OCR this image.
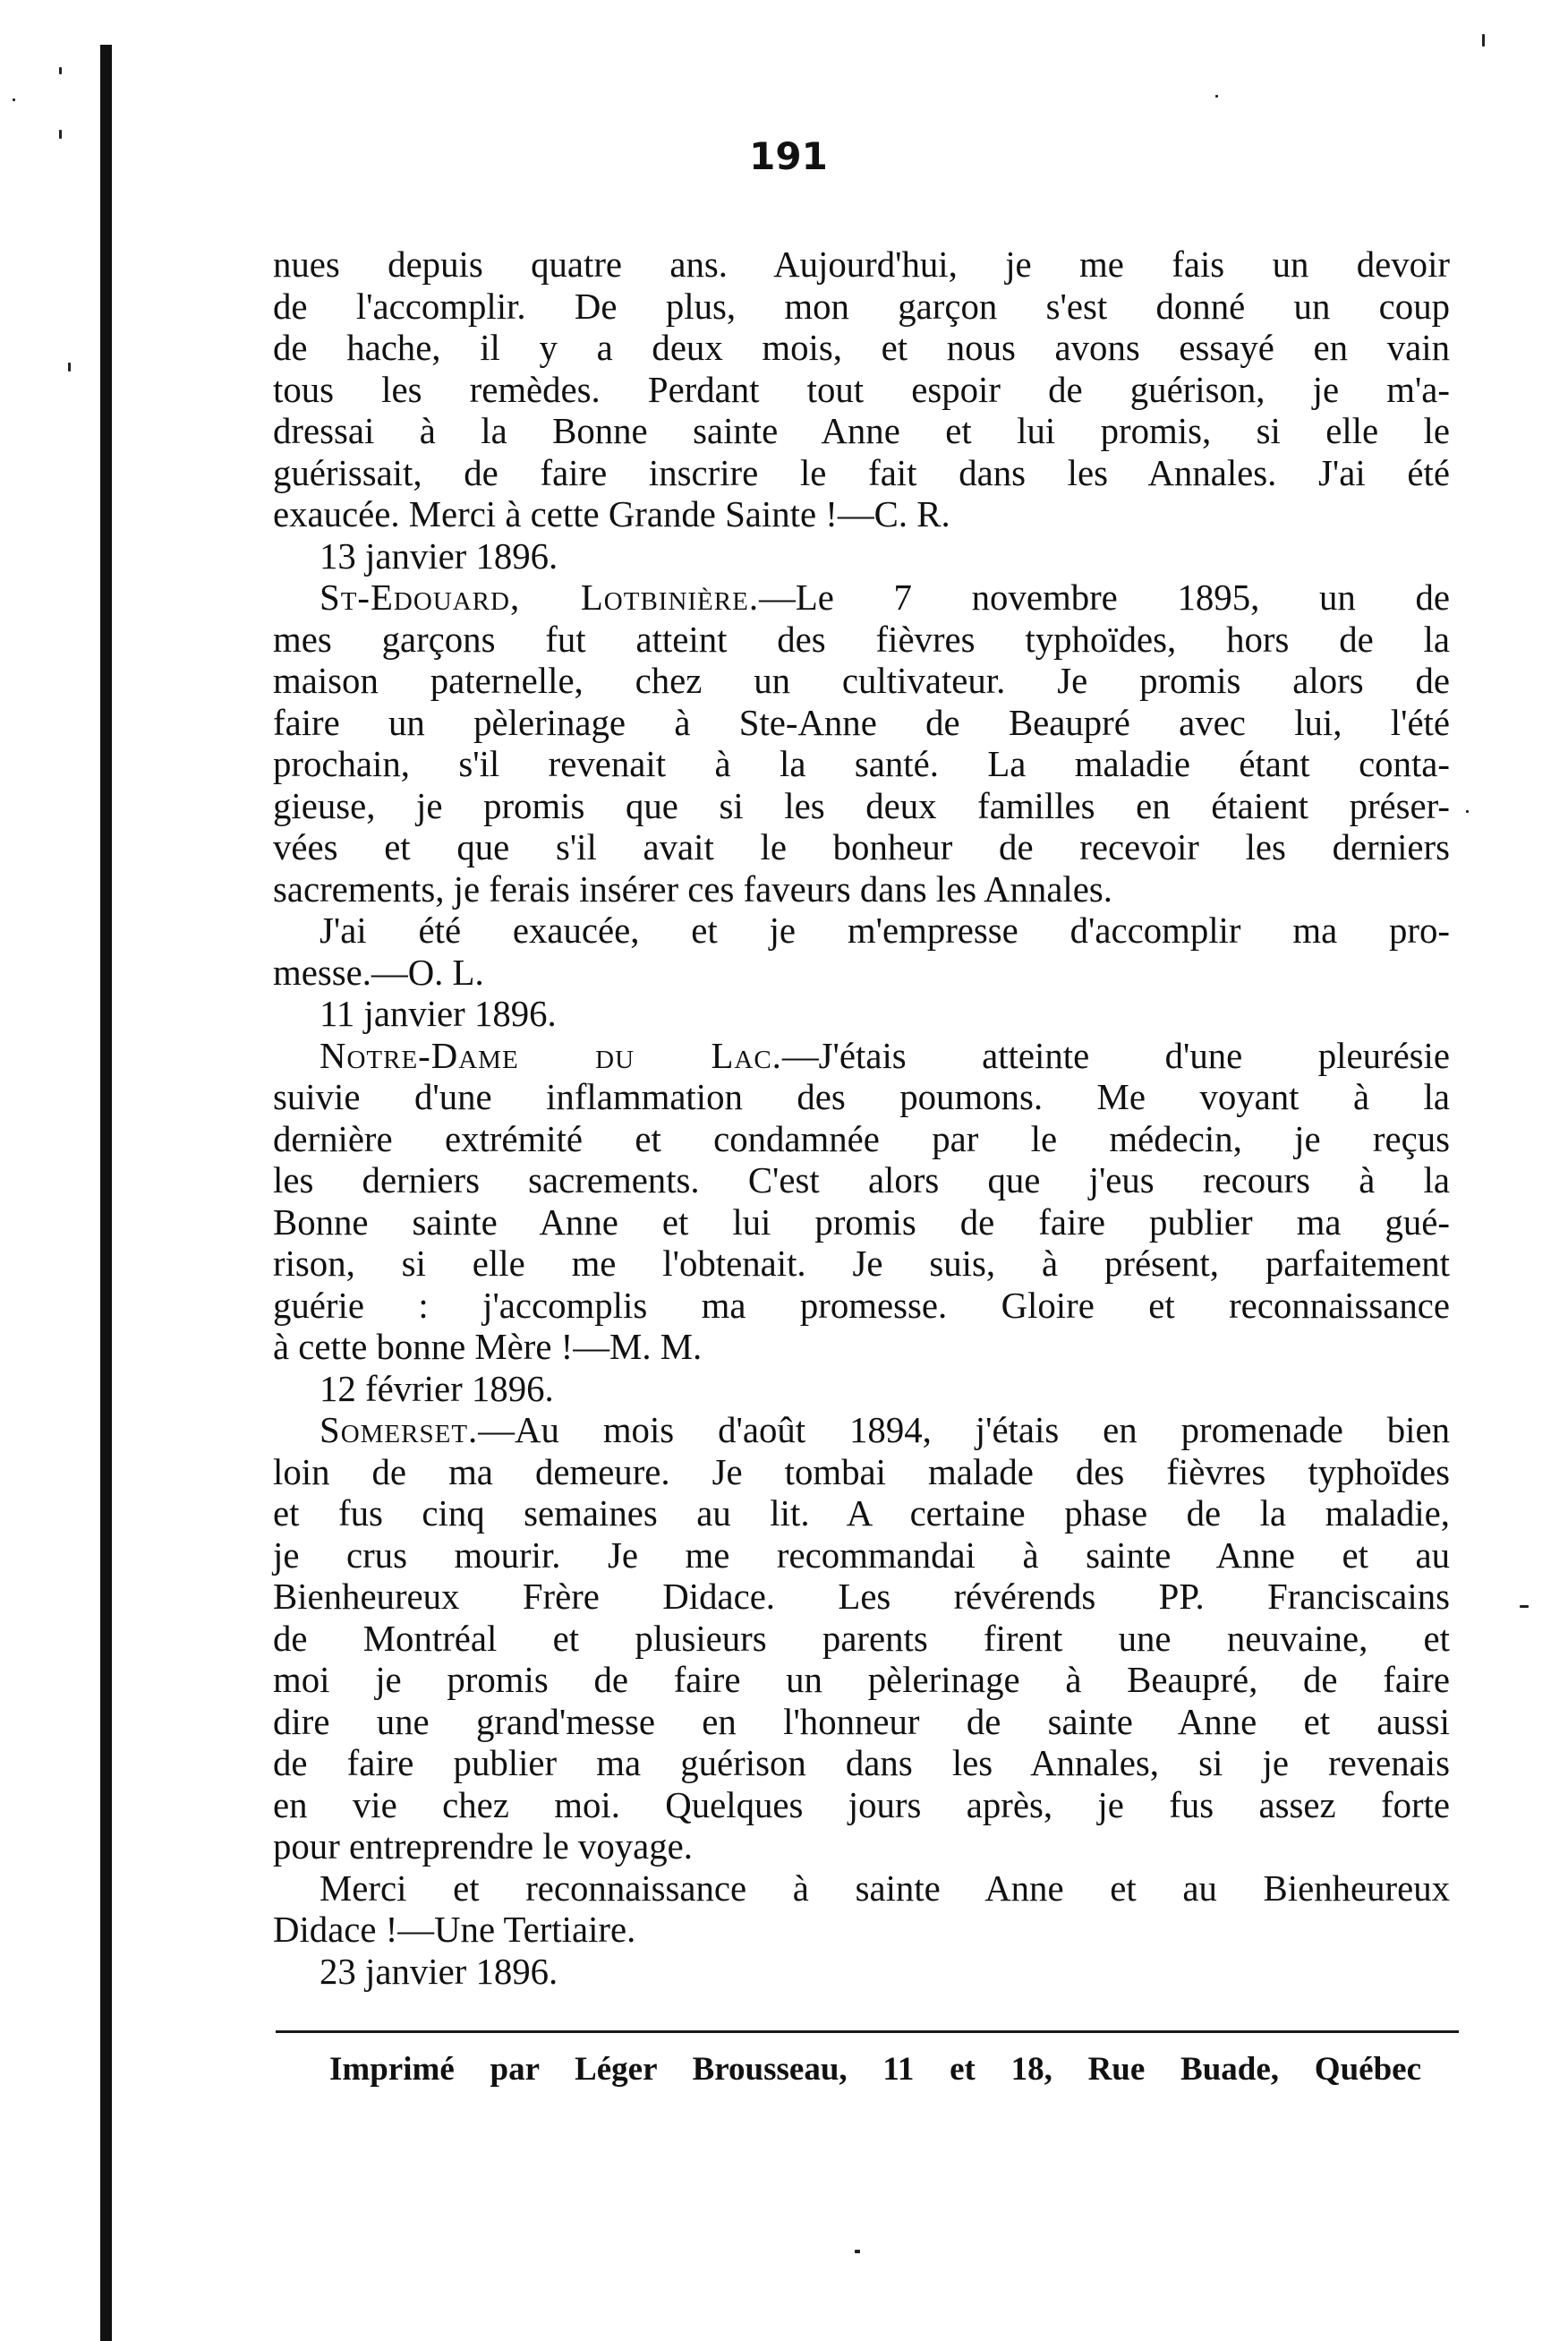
191
nues depuis quatre ans. Aujourd'hui, je me fais un devoir
de l'accomplir. De plus, mon garçon s'est donné un coup
de hache, il y a deux mois, et nous avons essayé en vain
tous les remèdes. Perdant tout espoir de guérison, je m'a-
dressai à la Bonne sainte Anne et lui promis, si elle le
guérissait, de faire inscrire le fait dans les Annales. J'ai été
exaucée. Merci à cette Grande Sainte !—C. R.
13 janvier 1896.
St-Edouard, Lotbinière.—Le 7 novembre 1895, un de
mes garçons fut atteint des fièvres typhoïdes, hors de la
maison paternelle, chez un cultivateur. Je promis alors de
faire un pèlerinage à Ste-Anne de Beaupré avec lui, l'été
prochain, s'il revenait à la santé. La maladie étant conta-
gieuse, je promis que si les deux familles en étaient préser-
vées et que s'il avait le bonheur de recevoir les derniers
sacrements, je ferais insérer ces faveurs dans les Annales.
J'ai été exaucée, et je m'empresse d'accomplir ma pro-
messe.—O. L.
11 janvier 1896.
Notre-Dame du Lac.—J'étais atteinte d'une pleurésie
suivie d'une inflammation des poumons. Me voyant à la
dernière extrémité et condamnée par le médecin, je reçus
les derniers sacrements. C'est alors que j'eus recours à la
Bonne sainte Anne et lui promis de faire publier ma gué-
rison, si elle me l'obtenait. Je suis, à présent, parfaitement
guérie : j'accomplis ma promesse. Gloire et reconnaissance
à cette bonne Mère !—M. M.
12 février 1896.
Somerset.—Au mois d'août 1894, j'étais en promenade bien
loin de ma demeure. Je tombai malade des fièvres typhoïdes
et fus cinq semaines au lit. A certaine phase de la maladie,
je crus mourir. Je me recommandai à sainte Anne et au
Bienheureux Frère Didace. Les révérends PP. Franciscains
de Montréal et plusieurs parents firent une neuvaine, et
moi je promis de faire un pèlerinage à Beaupré, de faire
dire une grand'messe en l'honneur de sainte Anne et aussi
de faire publier ma guérison dans les Annales, si je revenais
en vie chez moi. Quelques jours après, je fus assez forte
pour entreprendre le voyage.
Merci et reconnaissance à sainte Anne et au Bienheureux
Didace !—Une Tertiaire.
23 janvier 1896.
Imprimé par Léger Brousseau, 11 et 18, Rue Buade, Québec
